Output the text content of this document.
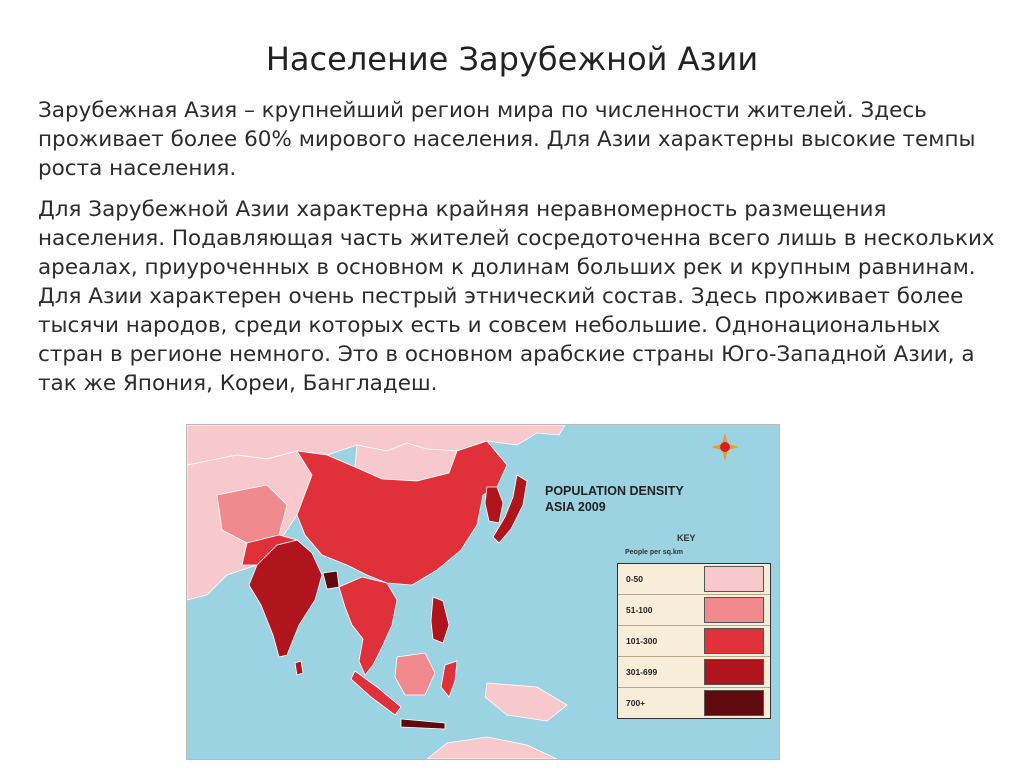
Население Зарубежной Азии

Зарубежная Азия – крупнейший регион мира по численности жителей. Здесь проживает более 60% мирового населения. Для Азии характерны высокие темпы роста населения.

Для Зарубежной Азии характерна крайняя неравномерность размещения населения. Подавляющая часть жителей сосредоточенна всего лишь в нескольких ареалах, приуроченных в основном к долинам больших рек и крупным равнинам. Для Азии характерен очень пестрый этнический состав. Здесь проживает более тысячи народов, среди которых есть и совсем небольшие. Однонациональных стран в регионе немного. Это в основном арабские страны Юго-Западной Азии, а так же Япония, Кореи, Бангладеш.

POPULATION DENSITY
ASIA 2009
KEY
People per sq.km
0-50
51-100
101-300
301-699
700+
